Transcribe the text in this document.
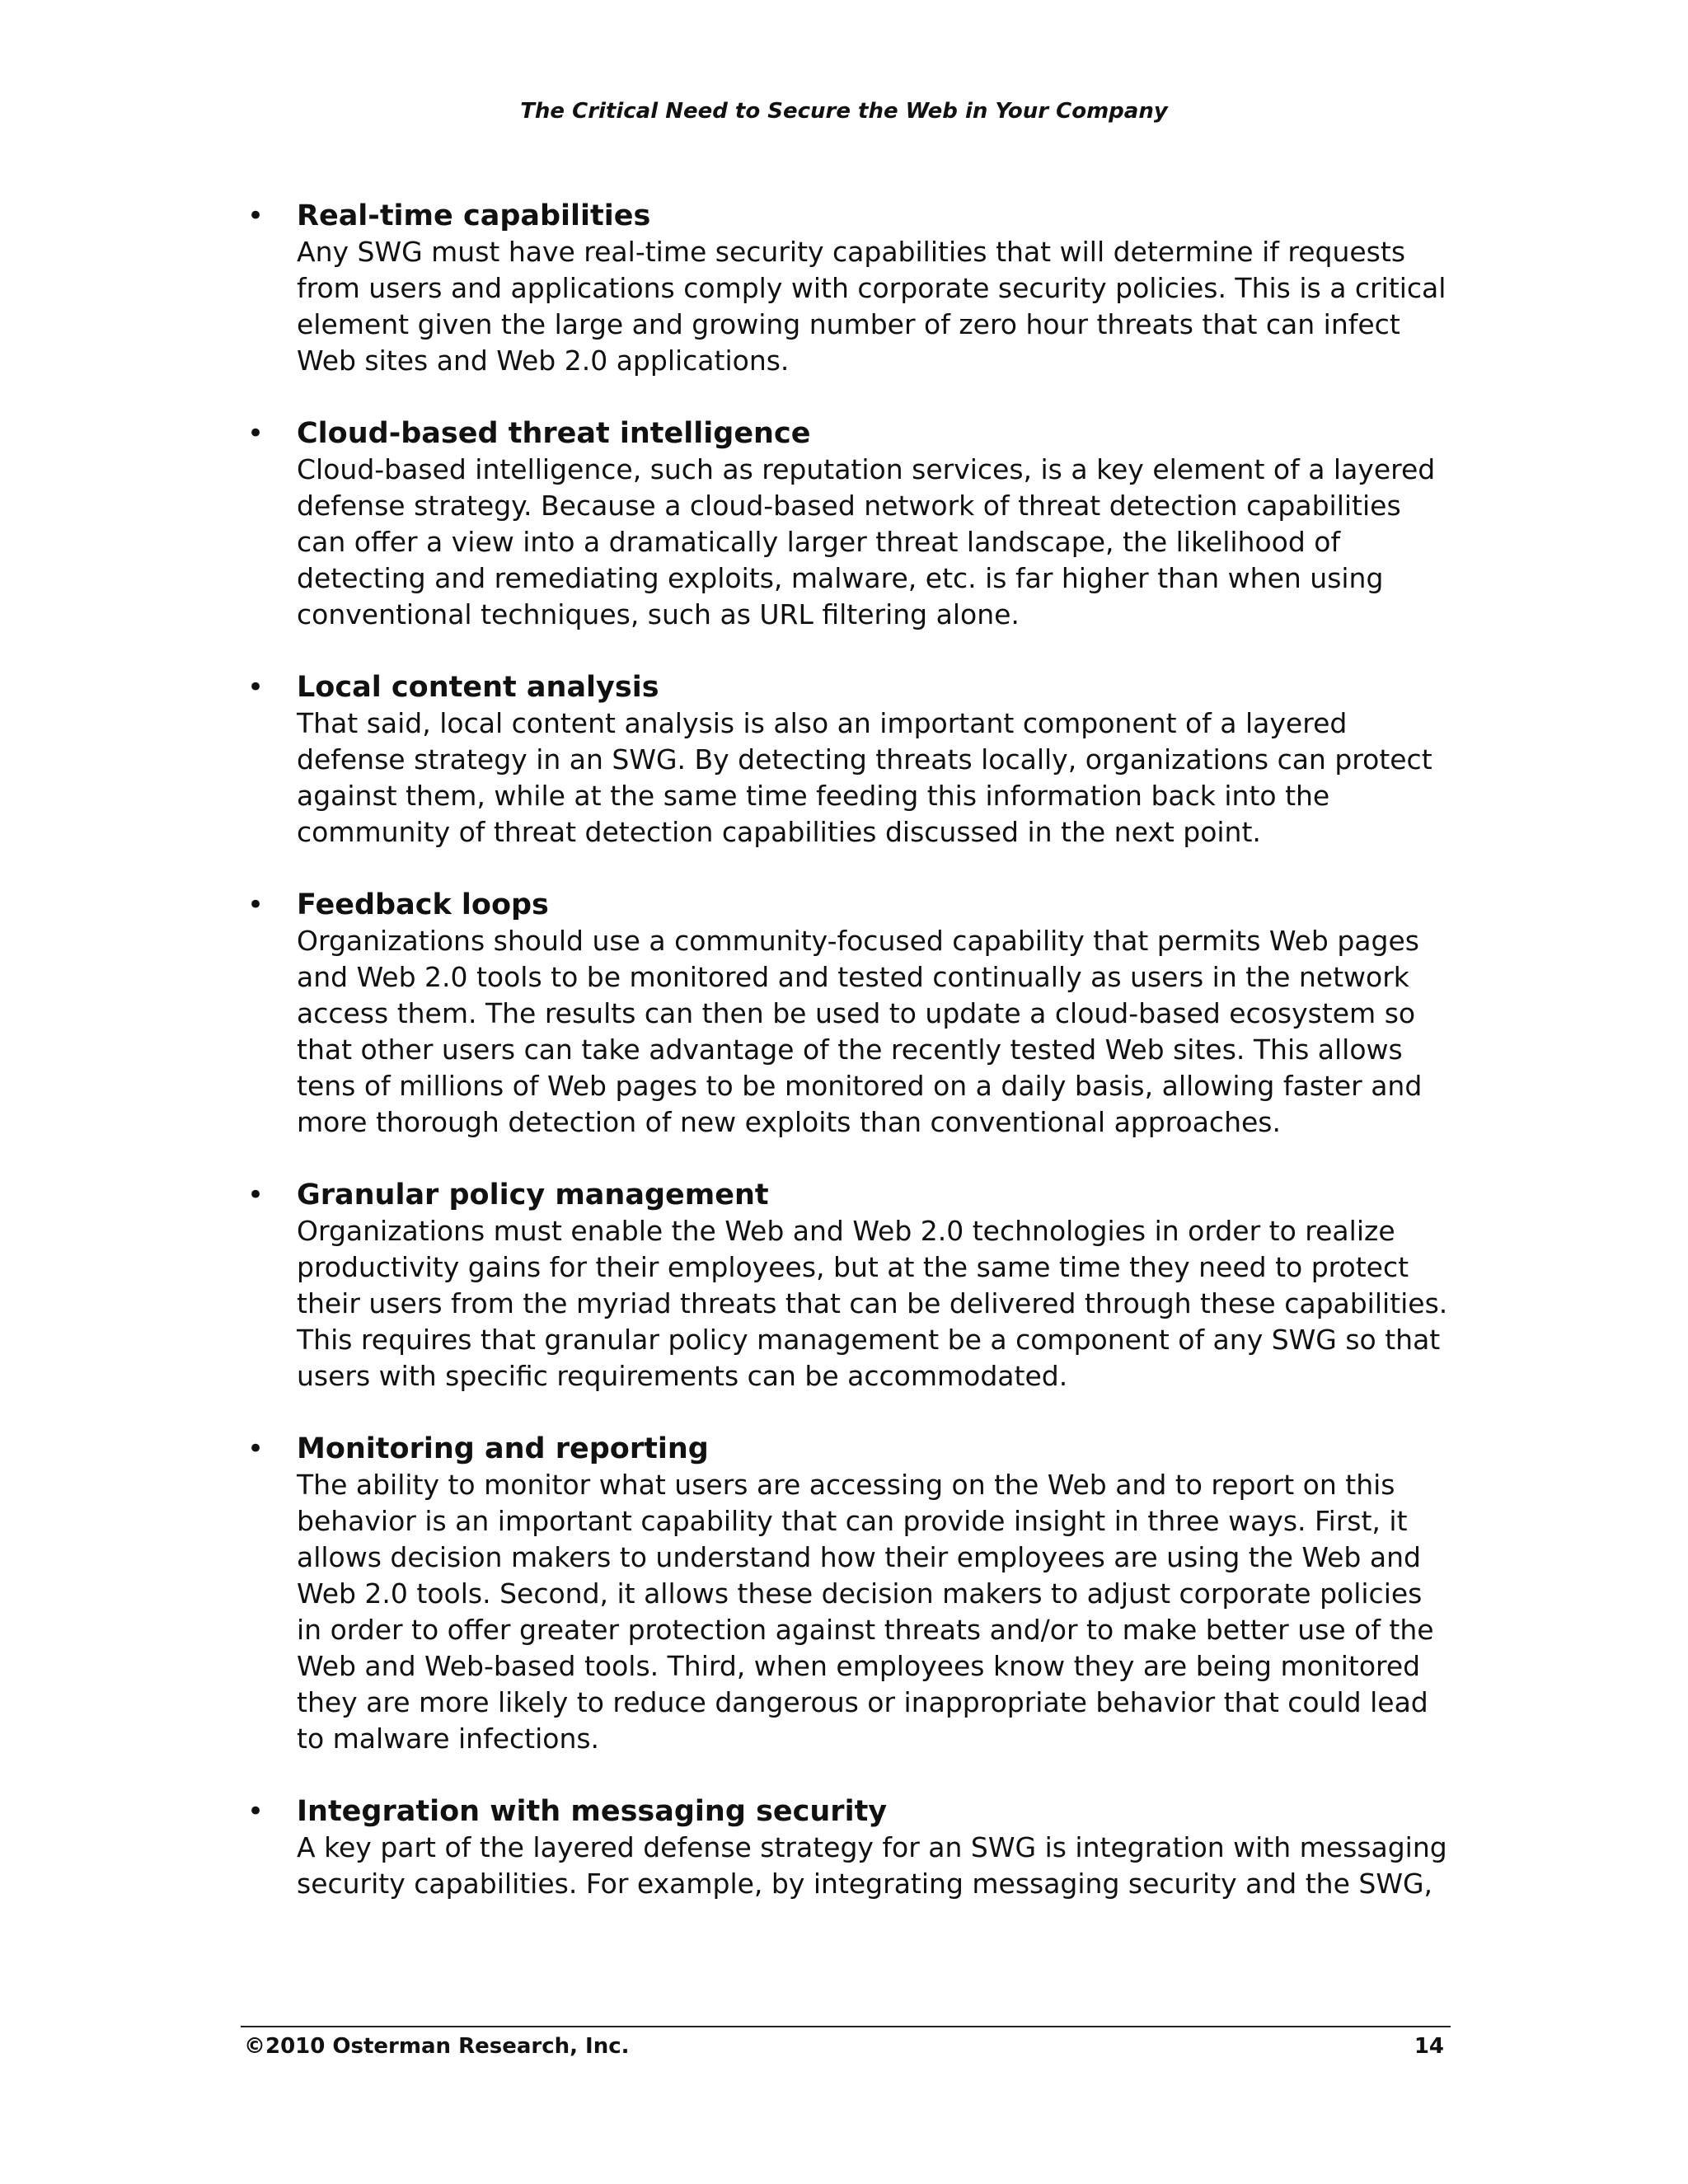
The Critical Need to Secure the Web in Your Company
• Real-time capabilities

Any SWG must have real-time security capabilities that will determine if requests from users and applications comply with corporate security policies. This is a critical element given the large and growing number of zero hour threats that can infect Web sites and Web 2.0 applications.

• Cloud-based threat intelligence

Cloud-based intelligence, such as reputation services, is a key element of a layered defense strategy. Because a cloud-based network of threat detection capabilities can offer a view into a dramatically larger threat landscape, the likelihood of detecting and remediating exploits, malware, etc. is far higher than when using conventional techniques, such as URL filtering alone.

• Local content analysis

That said, local content analysis is also an important component of a layered defense strategy in an SWG. By detecting threats locally, organizations can protect against them, while at the same time feeding this information back into the community of threat detection capabilities discussed in the next point.

• Feedback loops

Organizations should use a community-focused capability that permits Web pages and Web 2.0 tools to be monitored and tested continually as users in the network access them. The results can then be used to update a cloud-based ecosystem so that other users can take advantage of the recently tested Web sites. This allows tens of millions of Web pages to be monitored on a daily basis, allowing faster and more thorough detection of new exploits than conventional approaches.

• Granular policy management

Organizations must enable the Web and Web 2.0 technologies in order to realize productivity gains for their employees, but at the same time they need to protect their users from the myriad threats that can be delivered through these capabilities. This requires that granular policy management be a component of any SWG so that users with specific requirements can be accommodated.

• Monitoring and reporting

The ability to monitor what users are accessing on the Web and to report on this behavior is an important capability that can provide insight in three ways. First, it allows decision makers to understand how their employees are using the Web and Web 2.0 tools. Second, it allows these decision makers to adjust corporate policies in order to offer greater protection against threats and/or to make better use of the Web and Web-based tools. Third, when employees know they are being monitored they are more likely to reduce dangerous or inappropriate behavior that could lead to malware infections.

• Integration with messaging security

A key part of the layered defense strategy for an SWG is integration with messaging security capabilities. For example, by integrating messaging security and the SWG,

©2010 Osterman Research, Inc.	14
